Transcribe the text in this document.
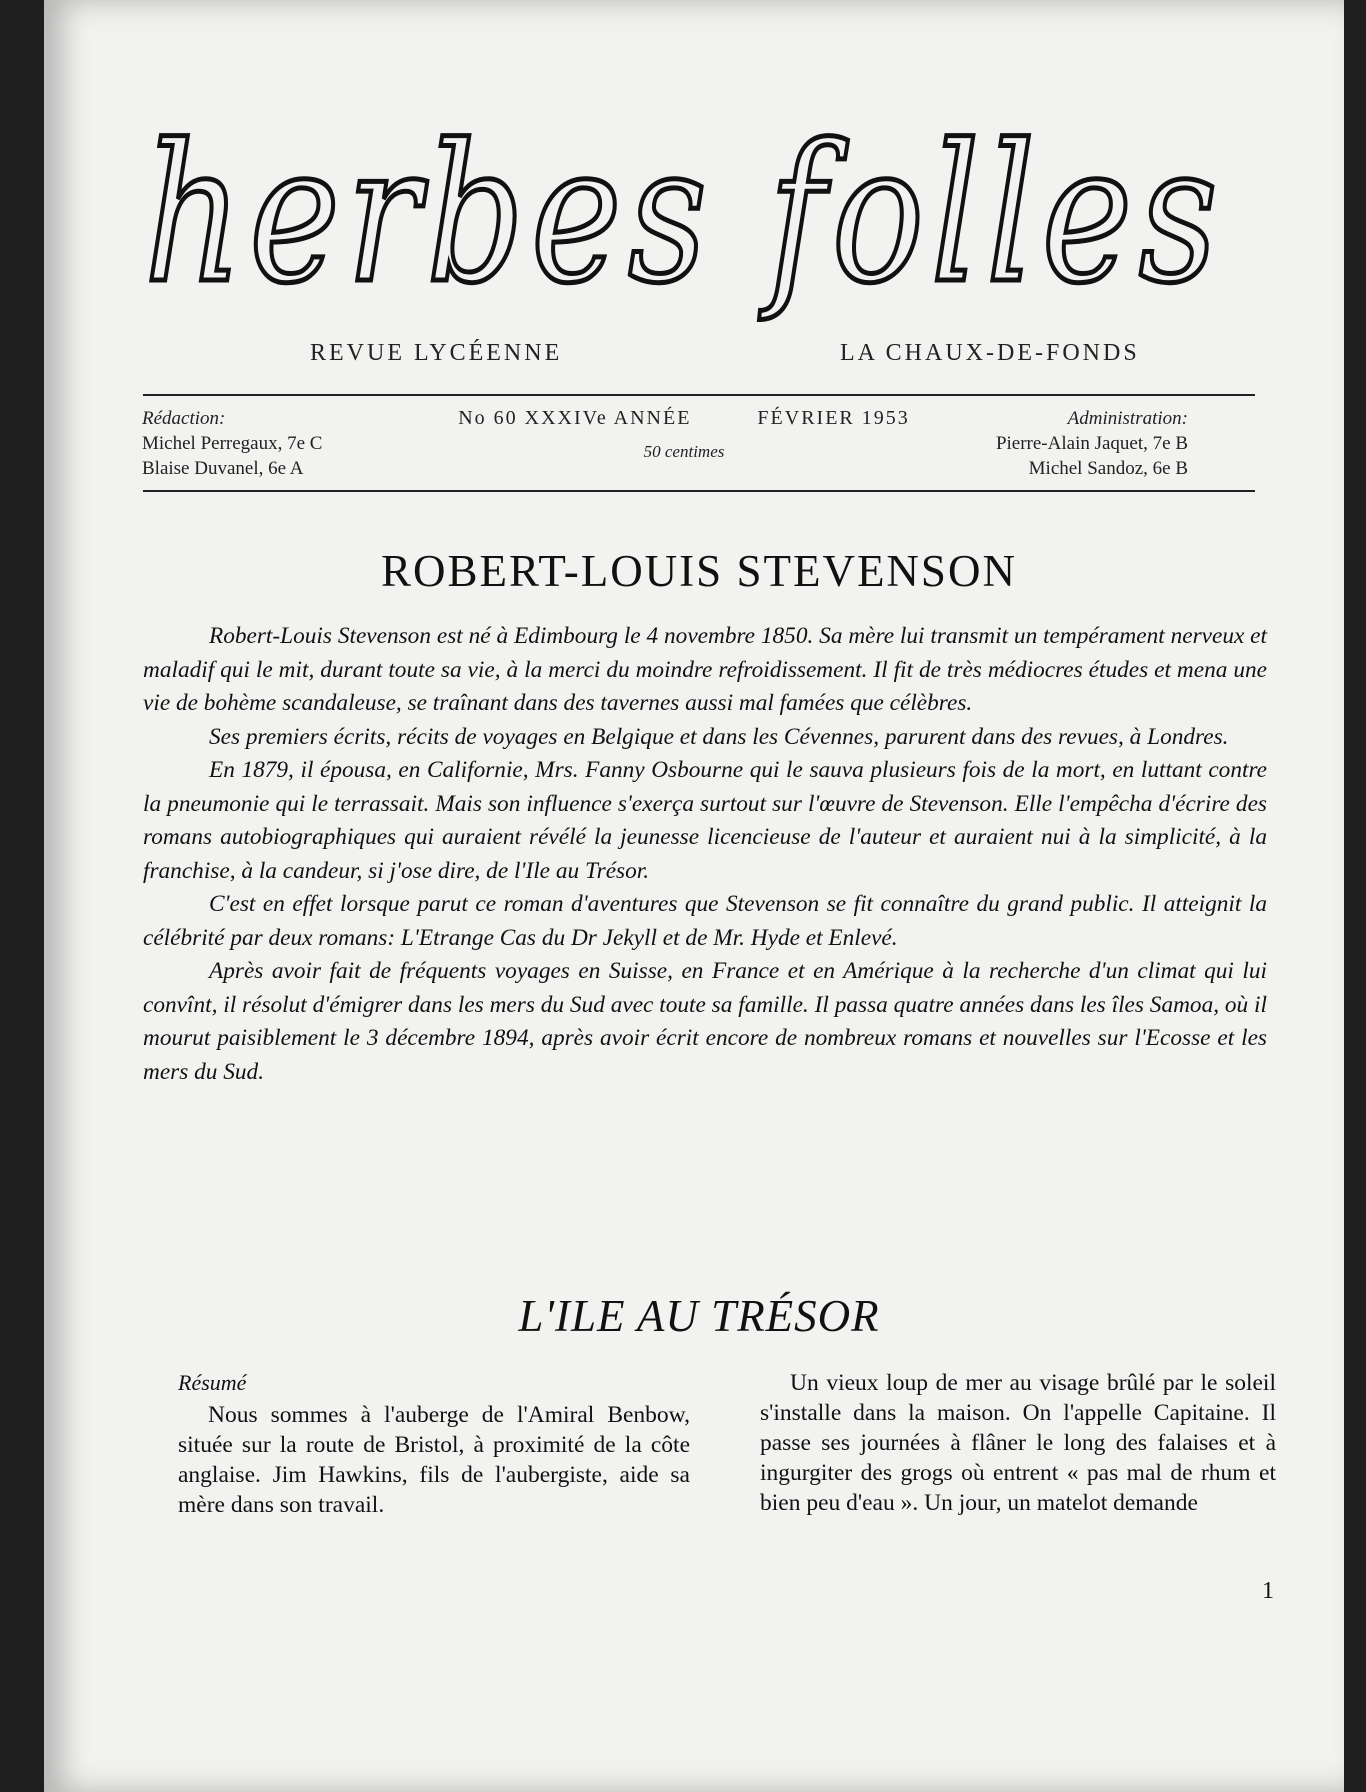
herbes folles
REVUE LYCÉENNE	LA CHAUX-DE-FONDS
Rédaction:
Michel Perregaux, 7e C
Blaise Duvanel, 6e A
No 60 XXXIVe ANNÉE	FÉVRIER 1953
50 centimes
Administration:
Pierre-Alain Jaquet, 7e B
Michel Sandoz, 6e B
ROBERT-LOUIS STEVENSON

Robert-Louis Stevenson est né à Edimbourg le 4 novembre 1850. Sa mère lui transmit un tempérament nerveux et maladif qui le mit, durant toute sa vie, à la merci du moindre refroidissement. Il fit de très médiocres études et mena une vie de bohème scandaleuse, se traînant dans des tavernes aussi mal famées que célèbres.

Ses premiers écrits, récits de voyages en Belgique et dans les Cévennes, parurent dans des revues, à Londres.

En 1879, il épousa, en Californie, Mrs. Fanny Osbourne qui le sauva plusieurs fois de la mort, en luttant contre la pneumonie qui le terrassait. Mais son influence s'exerça surtout sur l'œuvre de Stevenson. Elle l'empêcha d'écrire des romans autobiographiques qui auraient révélé la jeunesse licencieuse de l'auteur et auraient nui à la simplicité, à la franchise, à la candeur, si j'ose dire, de l'Ile au Trésor.

C'est en effet lorsque parut ce roman d'aventures que Stevenson se fit connaître du grand public. Il atteignit la célébrité par deux romans: L'Etrange Cas du Dr Jekyll et de Mr. Hyde et Enlevé.

Après avoir fait de fréquents voyages en Suisse, en France et en Amérique à la recherche d'un climat qui lui convînt, il résolut d'émigrer dans les mers du Sud avec toute sa famille. Il passa quatre années dans les îles Samoa, où il mourut paisiblement le 3 décembre 1894, après avoir écrit encore de nombreux romans et nouvelles sur l'Ecosse et les mers du Sud.

L'ILE AU TRÉSOR
Résumé

Nous sommes à l'auberge de l'Amiral Benbow, située sur la route de Bristol, à proximité de la côte anglaise. Jim Hawkins, fils de l'aubergiste, aide sa mère dans son travail.

Un vieux loup de mer au visage brûlé par le soleil s'installe dans la maison. On l'appelle Capitaine. Il passe ses journées à flâner le long des falaises et à ingurgiter des grogs où entrent « pas mal de rhum et bien peu d'eau ». Un jour, un matelot demande

1
